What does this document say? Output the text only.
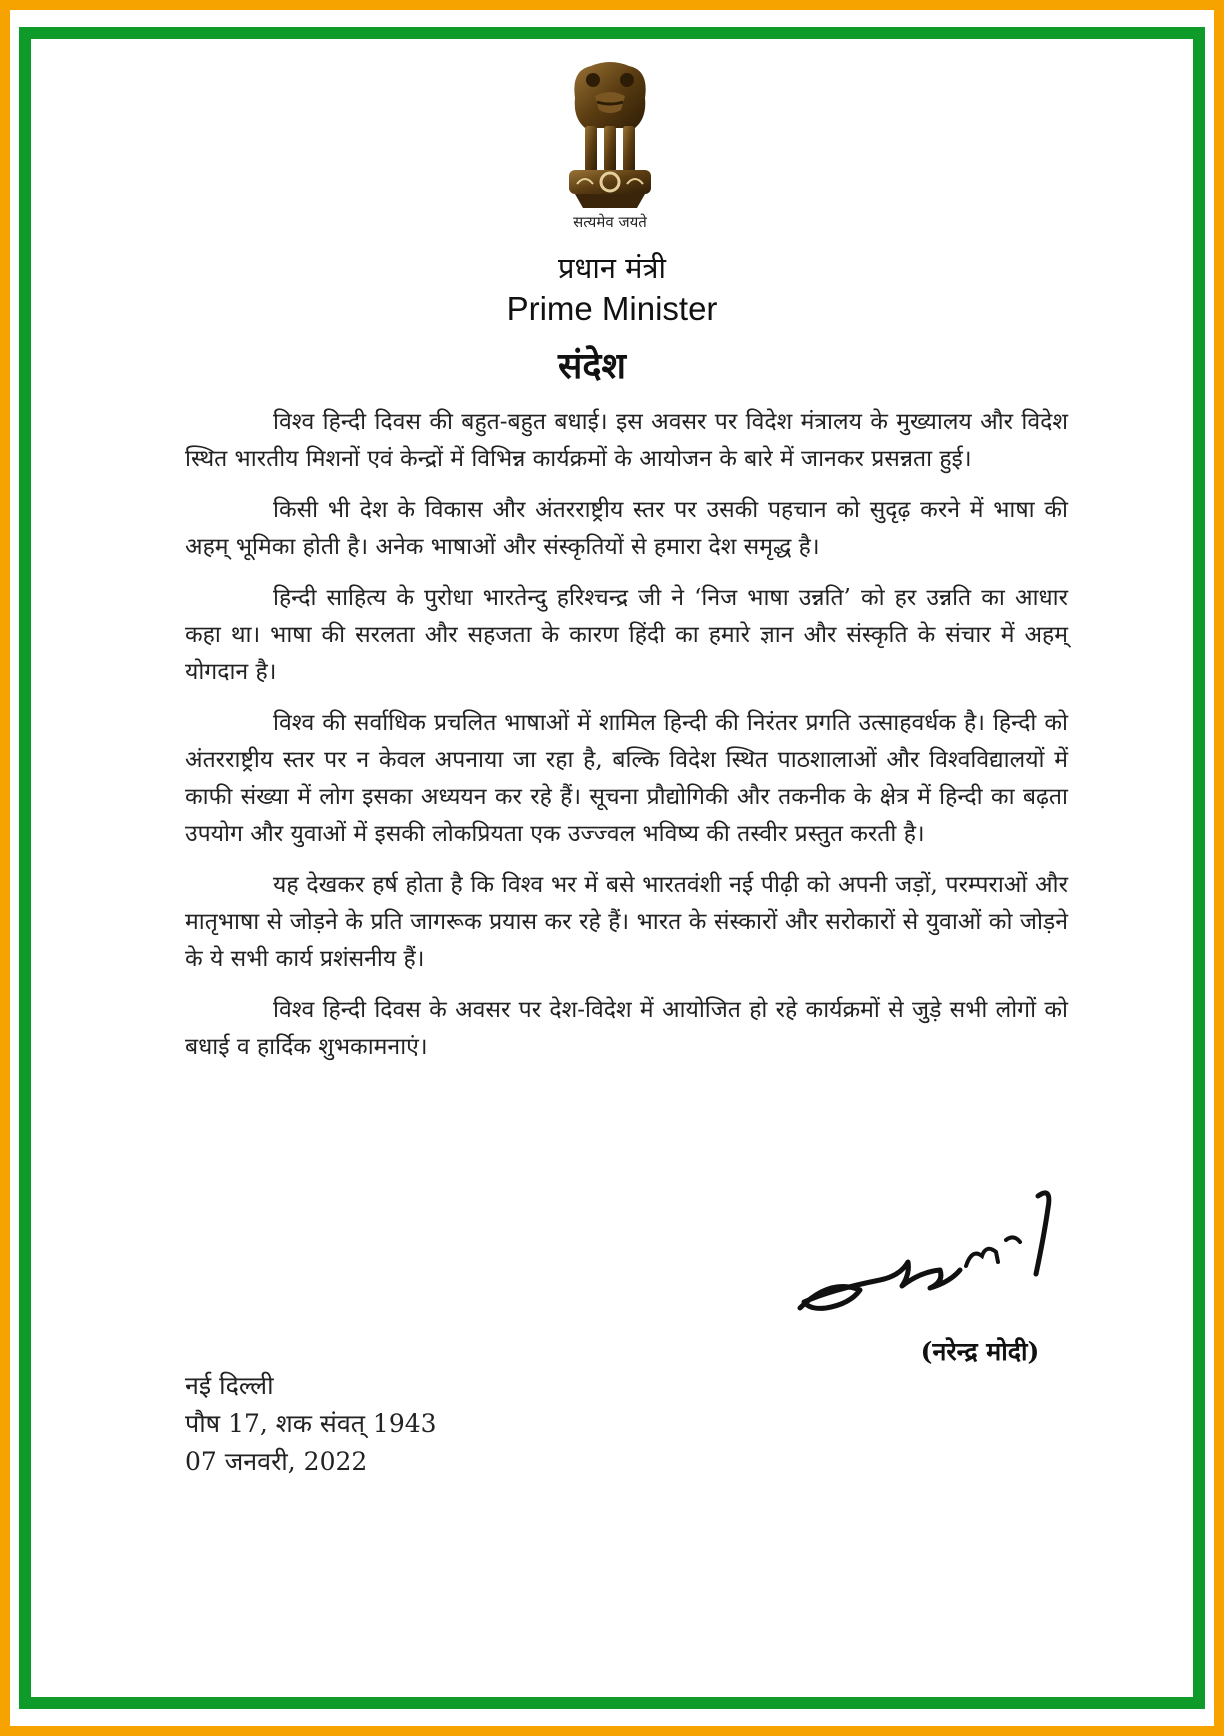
सत्यमेव जयते
प्रधान मंत्री
Prime Minister
संदेश

विश्व हिन्दी दिवस की बहुत-बहुत बधाई। इस अवसर पर विदेश मंत्रालय के मुख्यालय और विदेश स्थित भारतीय मिशनों एवं केन्द्रों में विभिन्न कार्यक्रमों के आयोजन के बारे में जानकर प्रसन्नता हुई।

किसी भी देश के विकास और अंतरराष्ट्रीय स्तर पर उसकी पहचान को सुदृढ़ करने में भाषा की अहम् भूमिका होती है। अनेक भाषाओं और संस्कृतियों से हमारा देश समृद्ध है।

हिन्दी साहित्य के पुरोधा भारतेन्दु हरिश्चन्द्र जी ने ‘निज भाषा उन्नति’ को हर उन्नति का आधार कहा था। भाषा की सरलता और सहजता के कारण हिंदी का हमारे ज्ञान और संस्कृति के संचार में अहम् योगदान है।

विश्व की सर्वाधिक प्रचलित भाषाओं में शामिल हिन्दी की निरंतर प्रगति उत्साहवर्धक है। हिन्दी को अंतरराष्ट्रीय स्तर पर न केवल अपनाया जा रहा है, बल्कि विदेश स्थित पाठशालाओं और विश्वविद्यालयों में काफी संख्या में लोग इसका अध्ययन कर रहे हैं। सूचना प्रौद्योगिकी और तकनीक के क्षेत्र में हिन्दी का बढ़ता उपयोग और युवाओं में इसकी लोकप्रियता एक उज्ज्वल भविष्य की तस्वीर प्रस्तुत करती है।

यह देखकर हर्ष होता है कि विश्व भर में बसे भारतवंशी नई पीढ़ी को अपनी जड़ों, परम्पराओं और मातृभाषा से जोड़ने के प्रति जागरूक प्रयास कर रहे हैं। भारत के संस्कारों और सरोकारों से युवाओं को जोड़ने के ये सभी कार्य प्रशंसनीय हैं।

विश्व हिन्दी दिवस के अवसर पर देश-विदेश में आयोजित हो रहे कार्यक्रमों से जुड़े सभी लोगों को बधाई व हार्दिक शुभकामनाएं।

(नरेन्द्र मोदी)
नई दिल्ली
पौष 17, शक संवत् 1943
07 जनवरी, 2022
